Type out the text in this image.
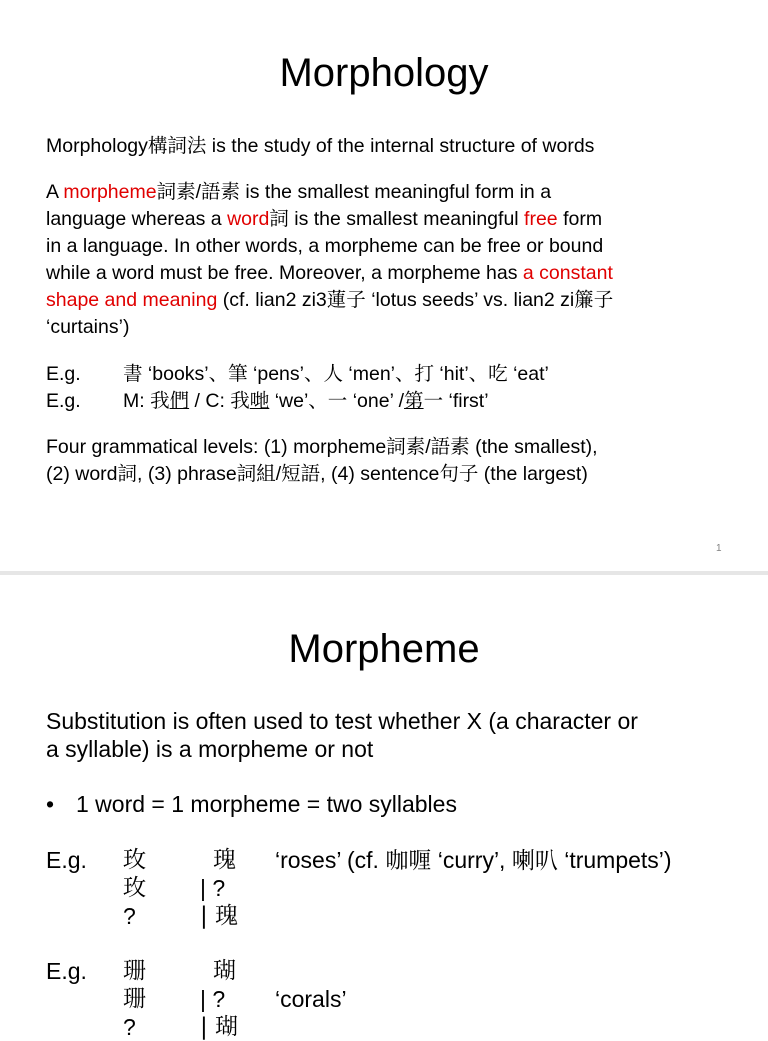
Morphology
Morphology構詞法 is the study of the internal structure of words
A morpheme詞素/語素 is the smallest meaningful form in a
language whereas a word詞 is the smallest meaningful free form
in a language. In other words, a morpheme can be free or bound
while a word must be free. Moreover, a morpheme has a constant
shape and meaning (cf. lian2 zi3蓮子 ‘lotus seeds’ vs. lian2 zi簾子
‘curtains’)
E.g. 書 ‘books’、筆 ‘pens’、人 ‘men’、打 ‘hit’、吃 ‘eat’
E.g. M: 我們 / C: 我哋 ‘we’、一 ‘one’ /第一 ‘first’
Four grammatical levels: (1) morpheme詞素/語素 (the smallest),
(2) word詞, (3) phrase詞組/短語, (4) sentence句子 (the largest)
1
Morpheme
Substitution is often used to test whether X (a character or
a syllable) is a morpheme or not
• 1 word = 1 morpheme = two syllables
E.g. 玫	瑰 ‘roses’ (cf. 咖喱 ‘curry’, 喇叭 ‘trumpets’)
玫 | ?
?	| 瑰
E.g. 珊	瑚
珊 | ? ‘corals’
?	| 瑚
